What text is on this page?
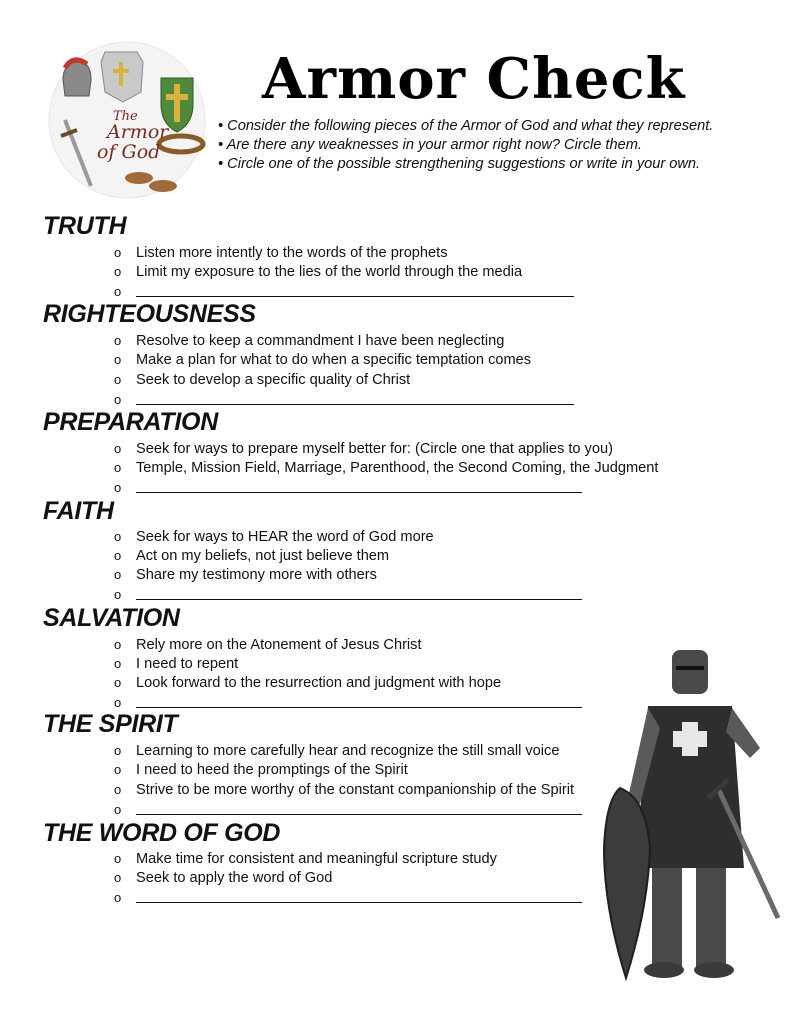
The
Armor
of God
Armor Check
• Consider the following pieces of the Armor of God and what they represent.
• Are there any weaknesses in your armor right now? Circle them.
• Circle one of the possible strengthening suggestions or write in your own.
TRUTH
o Listen more intently to the words of the prophets
o Limit my exposure to the lies of the world through the media
o
RIGHTEOUSNESS
o Resolve to keep a commandment I have been neglecting
o Make a plan for what to do when a specific temptation comes
o Seek to develop a specific quality of Christ
o
PREPARATION
o Seek for ways to prepare myself better for: (Circle one that applies to you)
o Temple, Mission Field, Marriage, Parenthood, the Second Coming, the Judgment
o
FAITH
o Seek for ways to HEAR the word of God more
o Act on my beliefs, not just believe them
o Share my testimony more with others
o
SALVATION
o Rely more on the Atonement of Jesus Christ
o I need to repent
o Look forward to the resurrection and judgment with hope
o
THE SPIRIT
o Learning to more carefully hear and recognize the still small voice
o I need to heed the promptings of the Spirit
o Strive to be more worthy of the constant companionship of the Spirit
o
THE WORD OF GOD
o Make time for consistent and meaningful scripture study
o Seek to apply the word of God
o
